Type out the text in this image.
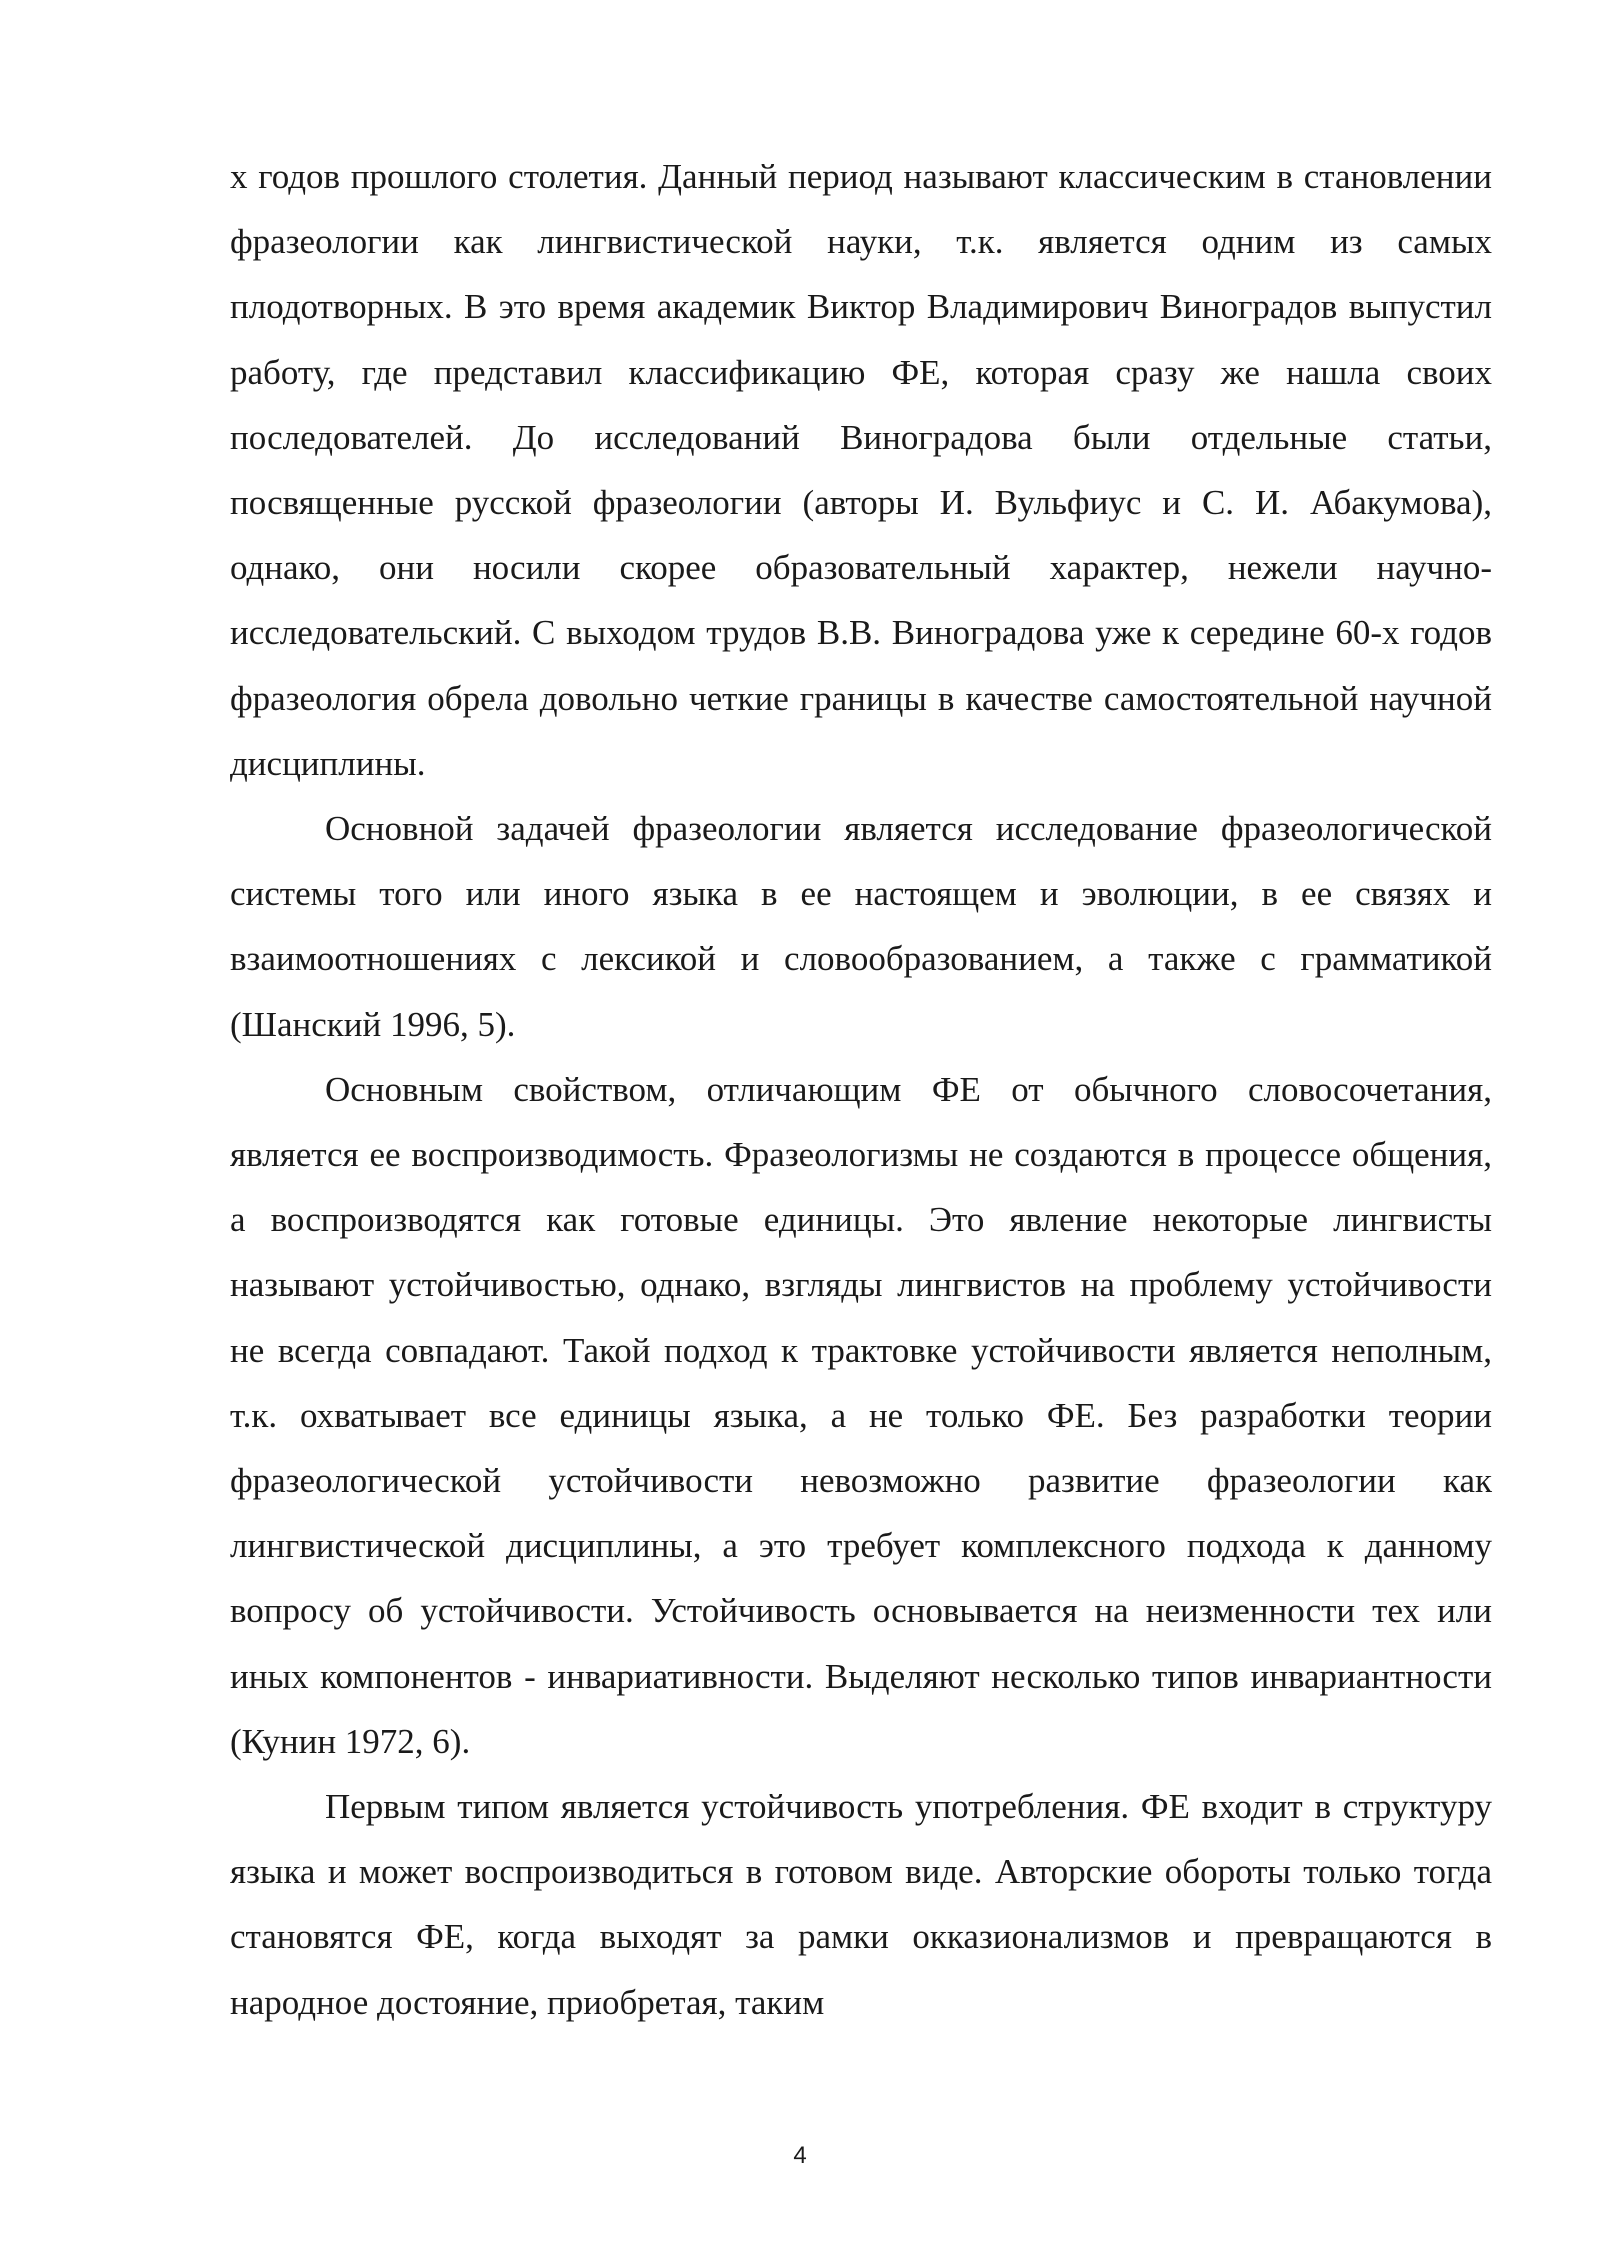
х годов прошлого столетия. Данный период называют классическим в становлении фразеологии как лингвистической науки, т.к. является одним из самых плодотворных. В это время академик Виктор Владимирович Виноградов выпустил работу, где представил классификацию ФЕ, которая сразу же нашла своих последователей. До исследований Виноградова были отдельные статьи, посвященные русской фразеологии (авторы И. Вульфиус и С. И. Абакумова), однако, они носили скорее образовательный характер, нежели научно-исследовательский. С выходом трудов В.В. Виноградова уже к середине 60-х годов фразеология обрела довольно четкие границы в качестве самостоятельной научной дисциплины.

Основной задачей фразеологии является исследование фразеологической системы того или иного языка в ее настоящем и эволюции, в ее связях и взаимоотношениях с лексикой и словообразованием, а также с грамматикой (Шанский 1996, 5).

Основным свойством, отличающим ФЕ от обычного словосочетания, является ее воспроизводимость. Фразеологизмы не создаются в процессе общения, а воспроизводятся как готовые единицы. Это явление некоторые лингвисты называют устойчивостью, однако, взгляды лингвистов на проблему устойчивости не всегда совпадают. Такой подход к трактовке устойчивости является неполным, т.к. охватывает все единицы языка, а не только ФЕ. Без разработки теории фразеологической устойчивости невозможно развитие фразеологии как лингвистической дисциплины, а это требует комплексного подхода к данному вопросу об устойчивости. Устойчивость основывается на неизменности тех или иных компонентов - инвариативности. Выделяют несколько типов инвариантности (Кунин 1972, 6).

Первым типом является устойчивость употребления. ФЕ входит в структуру языка и может воспроизводиться в готовом виде. Авторские обороты только тогда становятся ФЕ, когда выходят за рамки окказионализмов и превращаются в народное достояние, приобретая, таким

4
